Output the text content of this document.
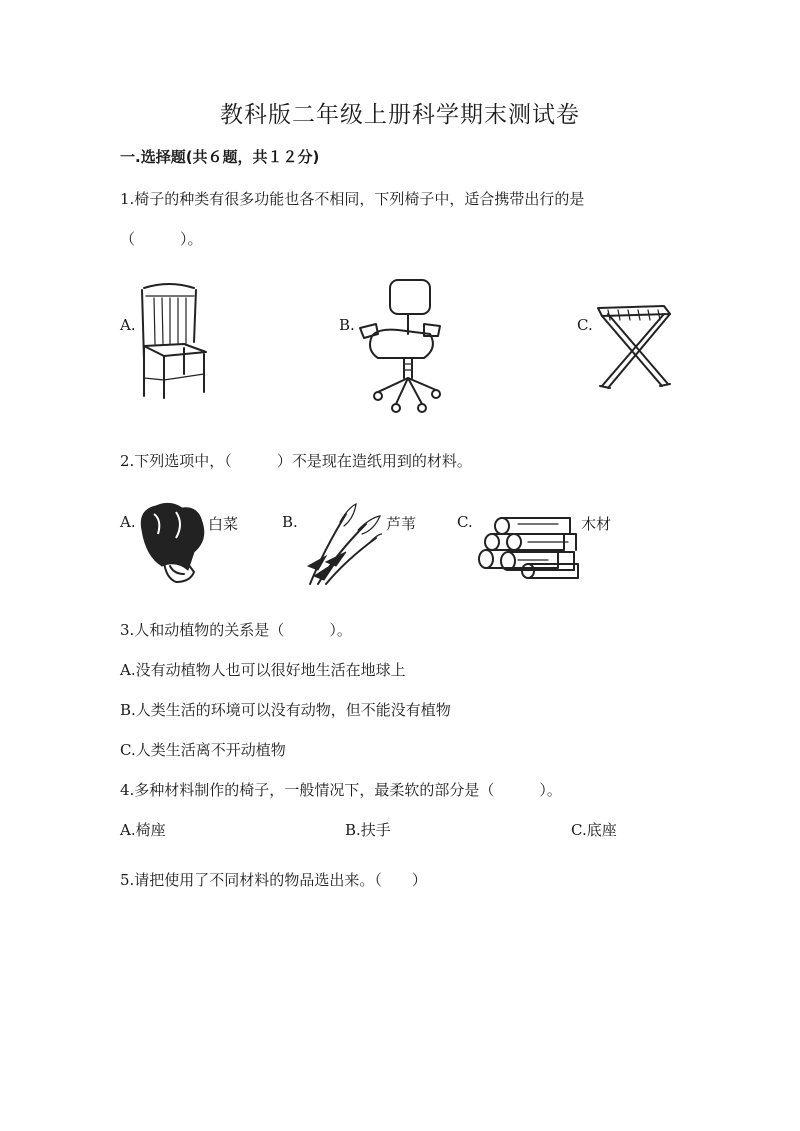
教科版二年级上册科学期末测试卷
一.选择题(共６题，共１２分)
1.椅子的种类有很多功能也各不相同，下列椅子中，适合携带出行的是
（　　　）。
A.	B.	C.
2.下列选项中，（　　　）不是现在造纸用到的材料。
A.	白菜	B.	芦苇	C.	木材
3.人和动植物的关系是（　　　）。
A.没有动植物人也可以很好地生活在地球上
B.人类生活的环境可以没有动物，但不能没有植物
C.人类生活离不开动植物
4.多种材料制作的椅子，一般情况下，最柔软的部分是（　　　）。
A.椅座	B.扶手	C.底座
5.请把使用了不同材料的物品选出来。（　　）
